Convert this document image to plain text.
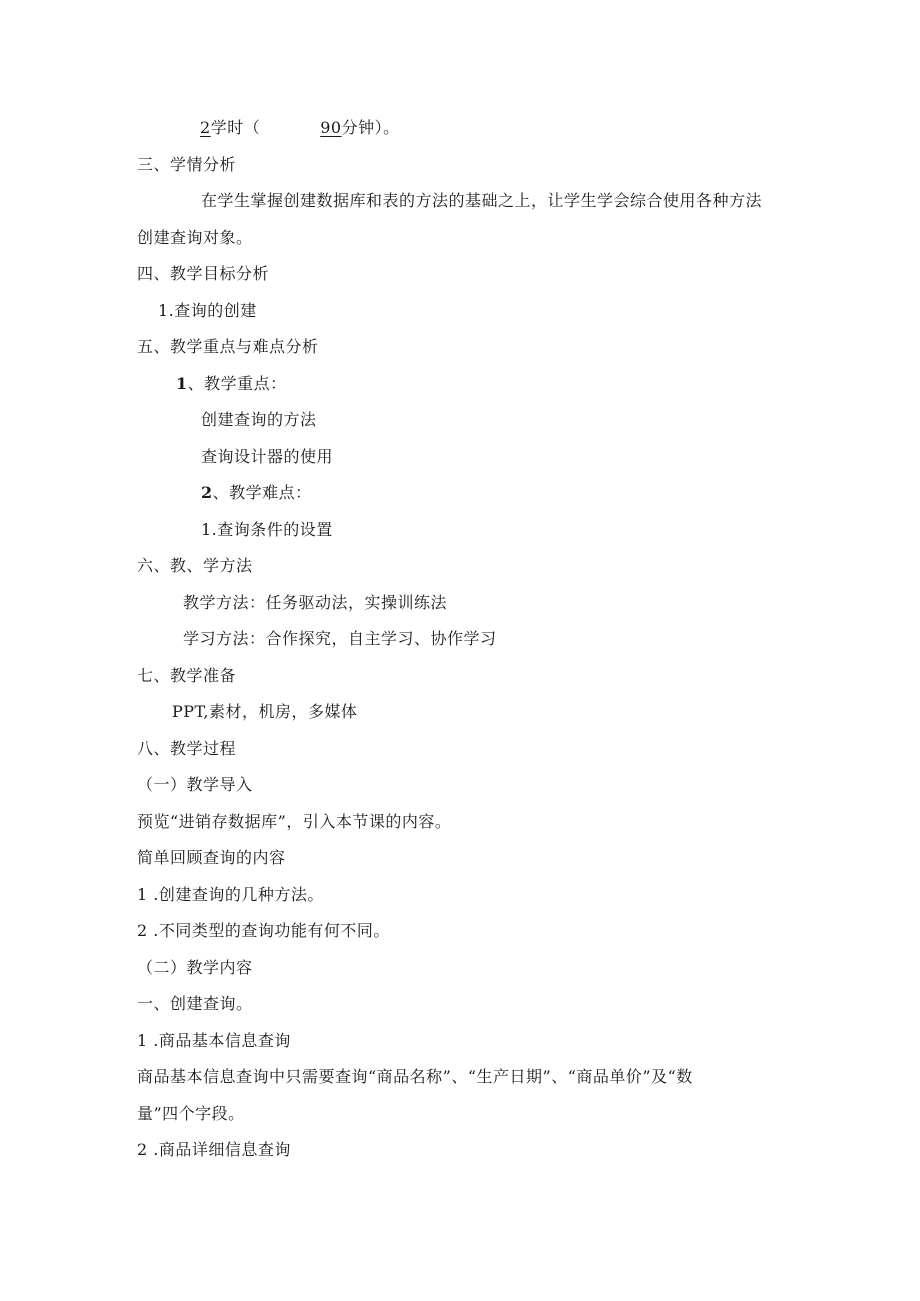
2学时（	90分钟）。
三、学情分析
在学生掌握创建数据库和表的方法的基础之上，让学生学会综合使用各种方法
创建查询对象。
四、教学目标分析
1.查询的创建
五、教学重点与难点分析
1、教学重点：
创建查询的方法
查询设计器的使用
2、教学难点：
1.查询条件的设置
六、教、学方法
教学方法：任务驱动法，实操训练法
学习方法：合作探究，自主学习、协作学习
七、教学准备
PPT,素材，机房，多媒体
八、教学过程
（一）教学导入
预览“进销存数据库”，引入本节课的内容。
简单回顾查询的内容
1 .创建查询的几种方法。
2 .不同类型的查询功能有何不同。
（二）教学内容
一、创建查询。
1 .商品基本信息查询
商品基本信息查询中只需要查询“商品名称”、“生产日期”、“商品单价”及“数
量”四个字段。
2 .商品详细信息查询
